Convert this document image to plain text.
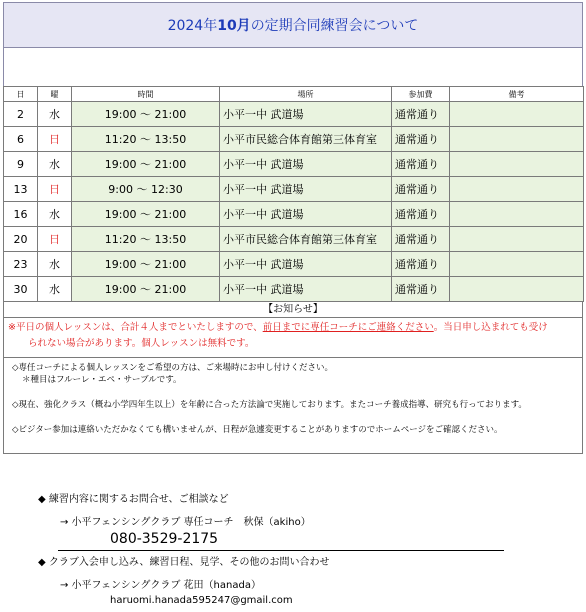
2024年 10月 の定期合同練習会について
日	曜	時間	場所	参加費	備考
2	水	19:00 ～ 21:00	小平一中 武道場	通常通り	
6	日	11:20 ～ 13:50	小平市民総合体育館第三体育室	通常通り	
9	水	19:00 ～ 21:00	小平一中 武道場	通常通り	
13	日	9:00 ～ 12:30	小平一中 武道場	通常通り	
16	水	19:00 ～ 21:00	小平一中 武道場	通常通り	
20	日	11:20 ～ 13:50	小平市民総合体育館第三体育室	通常通り	
23	水	19:00 ～ 21:00	小平一中 武道場	通常通り	
30	水	19:00 ～ 21:00	小平一中 武道場	通常通り	
【お知らせ】
※平日の個人レッスンは、合計４人までといたしますので、前日までに専任コーチにご連絡ください。当日申し込まれても受け
られない場合があります。個人レッスンは無料です。

◇専任コーチによる個人レッスンをご希望の方は、ご来場時にお申し付けください。

＊種目はフルーレ・エペ・サーブルです。

◇現在、強化クラス（概ね小学四年生以上）を年齢に合った方法論で実施しております。またコーチ養成指導、研究も行っております。

◇ビジター参加は連絡いただかなくても構いませんが、日程が急遽変更することがありますのでホームページをご確認ください。

◆ 練習内容に関するお問合せ、ご相談など
→ 小平フェンシングクラブ 専任コーチ　秋保（akiho）
080-3529-2175
◆ クラブ入会申し込み、練習日程、見学、その他のお問い合わせ
→ 小平フェンシングクラブ 花田（hanada）
haruomi.hanada595247@gmail.com
